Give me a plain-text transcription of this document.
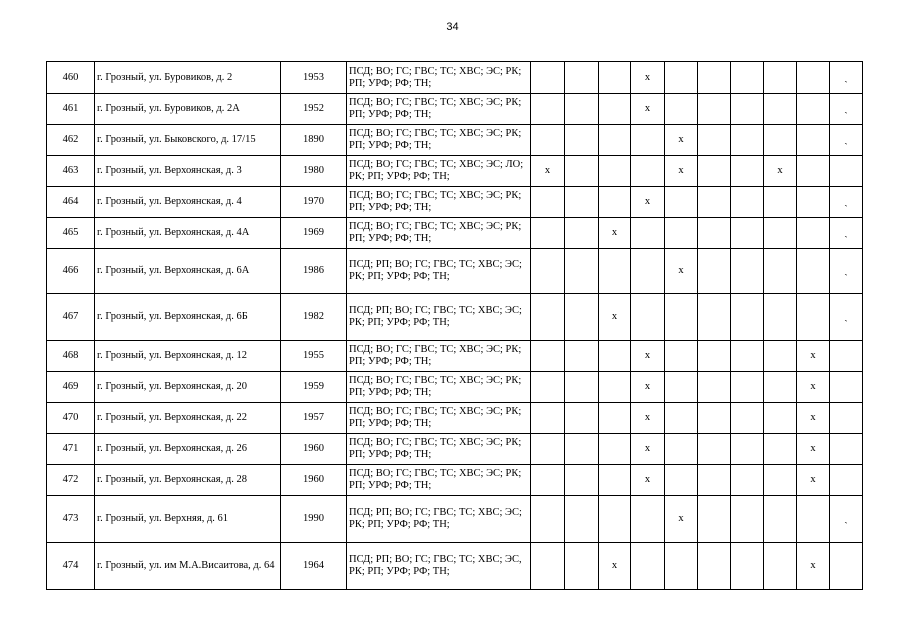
34
460	г. Грозный, ул. Буровиков, д. 2	1953	ПСД; ВО; ГС; ГВС; ТС; ХВС; ЭС; РК; РП; УРФ; РФ; ТН;				x						ˎ
461	г. Грозный, ул. Буровиков, д. 2А	1952	ПСД; ВО; ГС; ГВС; ТС; ХВС; ЭС; РК; РП; УРФ; РФ; ТН;				x						ˎ
462	г. Грозный, ул. Быковского, д. 17/15	1890	ПСД; ВО; ГС; ГВС; ТС; ХВС; ЭС; РК; РП; УРФ; РФ; ТН;					x					ˎ
463	г. Грозный, ул. Верхоянская, д. 3	1980	ПСД; ВО; ГС; ГВС; ТС; ХВС; ЭС; ЛО; РК; РП; УРФ; РФ; ТН;	x				x			x		
464	г. Грозный, ул. Верхоянская, д. 4	1970	ПСД; ВО; ГС; ГВС; ТС; ХВС; ЭС; РК; РП; УРФ; РФ; ТН;				x						ˎ
465	г. Грозный, ул. Верхоянская, д. 4А	1969	ПСД; ВО; ГС; ГВС; ТС; ХВС; ЭС; РК; РП; УРФ; РФ; ТН;			x							ˎ
466	г. Грозный, ул. Верхоянская, д. 6А	1986	ПСД; РП; ВО; ГС; ГВС; ТС; ХВС; ЭС; РК; РП; УРФ; РФ; ТН;					x					ˎ
467	г. Грозный, ул. Верхоянская, д. 6Б	1982	ПСД; РП; ВО; ГС; ГВС; ТС; ХВС; ЭС; РК; РП; УРФ; РФ; ТН;			x							ˎ
468	г. Грозный, ул. Верхоянская, д. 12	1955	ПСД; ВО; ГС; ГВС; ТС; ХВС; ЭС; РК; РП; УРФ; РФ; ТН;				x					x	
469	г. Грозный, ул. Верхоянская, д. 20	1959	ПСД; ВО; ГС; ГВС; ТС; ХВС; ЭС; РК; РП; УРФ; РФ; ТН;				x					x	
470	г. Грозный, ул. Верхоянская, д. 22	1957	ПСД; ВО; ГС; ГВС; ТС; ХВС; ЭС; РК; РП; УРФ; РФ; ТН;				x					x	
471	г. Грозный, ул. Верхоянская, д. 26	1960	ПСД; ВО; ГС; ГВС; ТС; ХВС; ЭС; РК; РП; УРФ; РФ; ТН;				x					x	
472	г. Грозный, ул. Верхоянская, д. 28	1960	ПСД; ВО; ГС; ГВС; ТС; ХВС; ЭС; РК; РП; УРФ; РФ; ТН;				x					x	
473	г. Грозный, ул. Верхняя, д. 61	1990	ПСД; РП; ВО; ГС; ГВС; ТС; ХВС; ЭС; РК; РП; УРФ; РФ; ТН;					x					ˎ
474	г. Грозный, ул. им М.А.Висаитова, д. 64	1964	ПСД; РП; ВО; ГС; ГВС; ТС; ХВС; ЭС, РК; РП; УРФ; РФ; ТН;			x						x	
